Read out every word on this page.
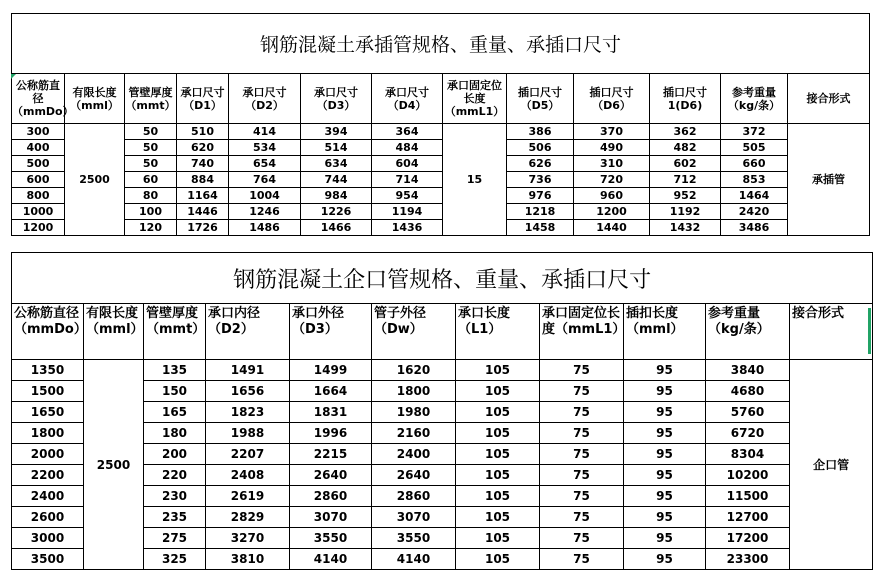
钢筋混凝土承插管规格、重量、承插口尺寸												
公称筋直径（mmDo）	有限长度（mml）	管壁厚度（mmt）	承口尺寸（D1）	承口尺寸（D2）	承口尺寸（D3）	承口尺寸（D4）	承口固定位长度（mmL1）	插口尺寸（D5）	插口尺寸（D6）	插口尺寸1(D6)	参考重量（kg/条）	接合形式
300	2500	50	510	414	394	364	15	386	370	362	372	承插管
400		50	620	534	514	484		506	490	482	505	
500		50	740	654	634	604		626	310	602	660	
600		60	884	764	744	714		736	720	712	853	
800		80	1164	1004	984	954		976	960	952	1464	
1000		100	1446	1246	1226	1194		1218	1200	1192	2420	
1200		120	1726	1486	1466	1436		1458	1440	1432	3486	
钢筋混凝土企口管规格、重量、承插口尺寸										
公称筋直径（mmDo）	有限长度（mml）	管壁厚度（mmt）	承口内径（D2）	承口外径（D3）	管子外径（Dw）	承口长度（L1）	承口固定位长度（mmL1）	插扣长度（mml）	参考重量（kg/条）	接合形式
1350	2500	135	1491	1499	1620	105	75	95	3840	企口管
1500		150	1656	1664	1800	105	75	95	4680	
1650		165	1823	1831	1980	105	75	95	5760	
1800		180	1988	1996	2160	105	75	95	6720	
2000		200	2207	2215	2400	105	75	95	8304	
2200		220	2408	2640	2640	105	75	95	10200	
2400		230	2619	2860	2860	105	75	95	11500	
2600		235	2829	3070	3070	105	75	95	12700	
3000		275	3270	3550	3550	105	75	95	17200	
3500		325	3810	4140	4140	105	75	95	23300	
